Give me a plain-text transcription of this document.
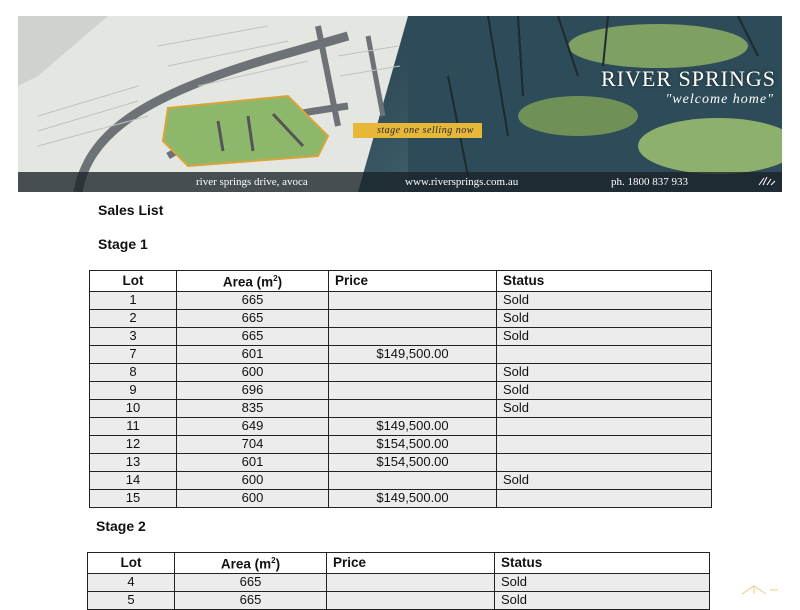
RIVER SPRINGS
"welcome home"
stage one selling now
river springs drive, avoca	www.riversprings.com.au	ph. 1800 837 933
Sales List
Stage 1
Lot	Area $(m^2)$	Price	Status
1	665		Sold
2	665		Sold
3	665		Sold
7	601	$149,500.00	
8	600		Sold
9	696		Sold
10	835		Sold
11	649	$149,500.00	
12	704	$154,500.00	
13	601	$154,500.00	
14	600		Sold
15	600	$149,500.00	
Stage 2
Lot	Area $(m^2)$	Price	Status
4	665		Sold
5	665		Sold
